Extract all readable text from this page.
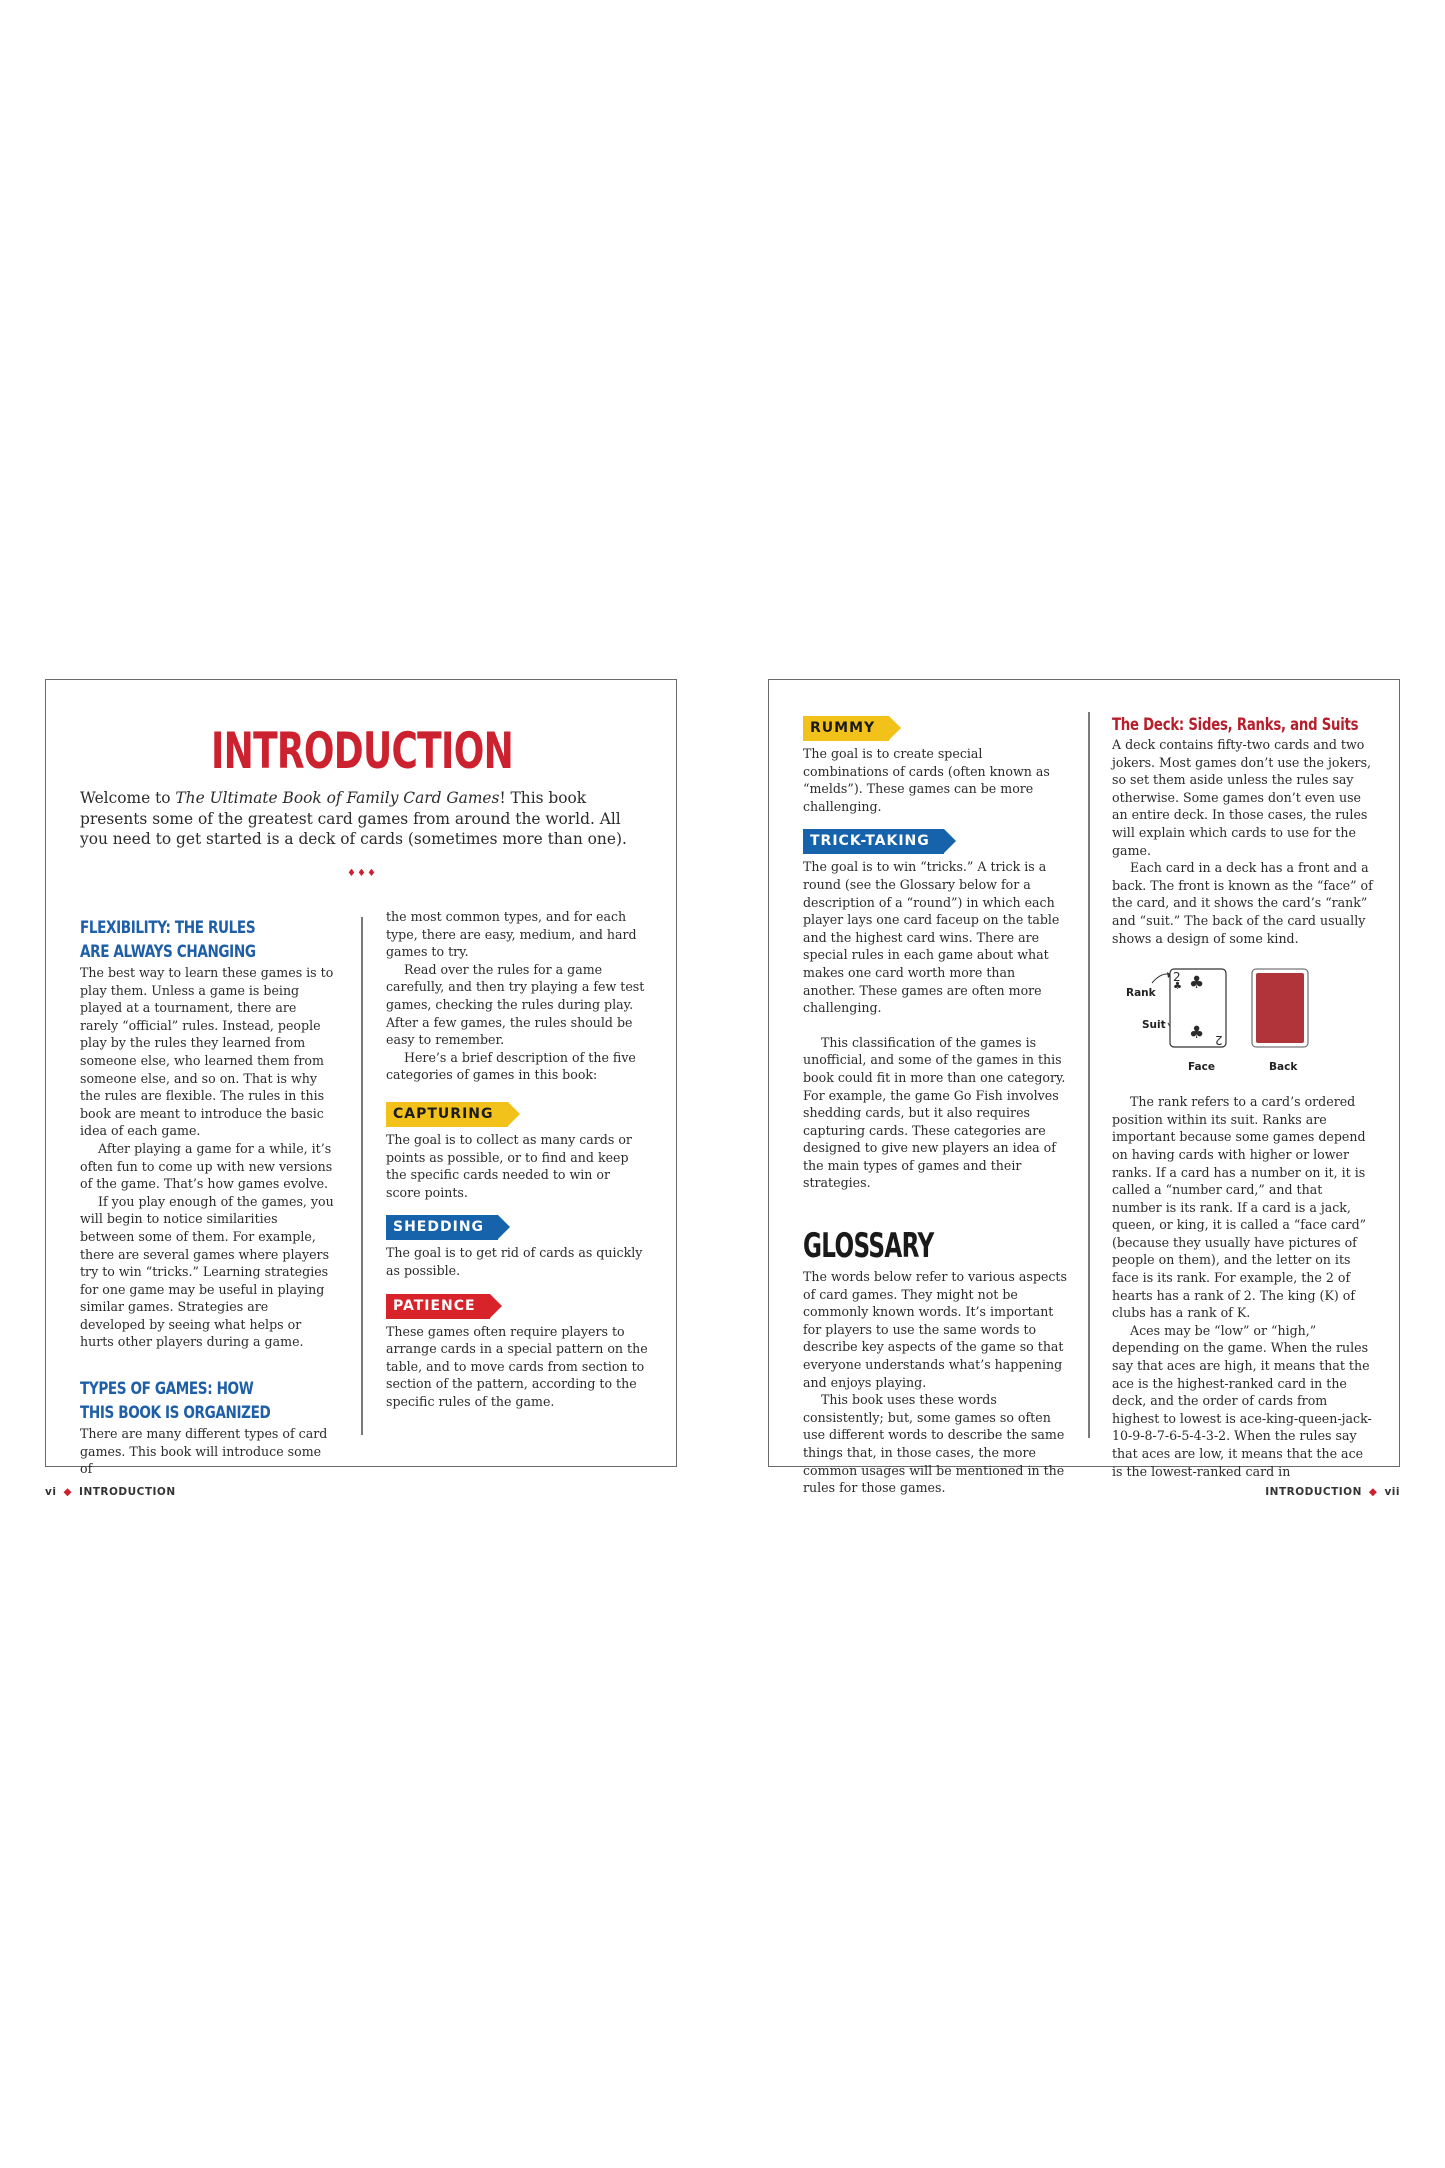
INTRODUCTION
Welcome to The Ultimate Book of Family Card Games! This book presents some of the greatest card games from around the world. All you need to get started is a deck of cards (sometimes more than one).
♦♦♦
FLEXIBILITY: THE RULES
ARE ALWAYS CHANGING

The best way to learn these games is to play them. Unless a game is being played at a tournament, there are rarely “official” rules. Instead, people play by the rules they learned from someone else, who learned them from someone else, and so on. That is why the rules are flexible. The rules in this book are meant to introduce the basic idea of each game.

After playing a game for a while, it’s often fun to come up with new versions of the game. That’s how games evolve.

If you play enough of the games, you will begin to notice similarities between some of them. For example, there are several games where players try to win “tricks.” Learning strategies for one game may be useful in playing similar games. Strategies are developed by seeing what helps or hurts other players during a game.

TYPES OF GAMES: HOW
THIS BOOK IS ORGANIZED

There are many different types of card games. This book will introduce some of

the most common types, and for each type, there are easy, medium, and hard games to try.

Read over the rules for a game carefully, and then try playing a few test games, checking the rules during play. After a few games, the rules should be easy to remember.

Here’s a brief description of the five categories of games in this book:

CAPTURING

The goal is to collect as many cards or points as possible, or to find and keep the specific cards needed to win or score points.

SHEDDING

The goal is to get rid of cards as quickly as possible.

PATIENCE

These games often require players to arrange cards in a special pattern on the table, and to move cards from section to section of the pattern, according to the specific rules of the game.

RUMMY

The goal is to create special combinations of cards (often known as “melds”). These games can be more challenging.

TRICK-TAKING

The goal is to win “tricks.” A trick is a round (see the Glossary below for a description of a “round”) in which each player lays one card faceup on the table and the highest card wins. There are special rules in each game about what makes one card worth more than another. These games are often more challenging.

This classification of the games is unofficial, and some of the games in this book could fit in more than one category. For example, the game Go Fish involves shedding cards, but it also requires capturing cards. These categories are designed to give new players an idea of the main types of games and their strategies.

GLOSSARY

The words below refer to various aspects of card games. They might not be commonly known words. It’s important for players to use the same words to describe key aspects of the game so that everyone understands what’s happening and enjoys playing.

This book uses these words consistently; but, some games so often use different words to describe the same things that, in those cases, the more common usages will be mentioned in the rules for those games.

The Deck: Sides, Ranks, and Suits

A deck contains fifty-two cards and two jokers. Most games don’t use the jokers, so set them aside unless the rules say otherwise. Some games don’t even use an entire deck. In those cases, the rules will explain which cards to use for the game.

Each card in a deck has a front and a back. The front is known as the “face” of the card, and it shows the card’s “rank” and “suit.” The back of the card usually shows a design of some kind.

Rank
Suit
2
♣ ♣
♣ 2
Face	Back

The rank refers to a card’s ordered position within its suit. Ranks are important because some games depend on having cards with higher or lower ranks. If a card has a number on it, it is called a “number card,” and that number is its rank. If a card is a jack, queen, or king, it is called a “face card” (because they usually have pictures of people on them), and the letter on its face is its rank. For example, the 2 of hearts has a rank of 2. The king (K) of clubs has a rank of K.

Aces may be “low” or “high,” depending on the game. When the rules say that aces are high, it means that the ace is the highest-ranked card in the deck, and the order of cards from highest to lowest is ace-king-queen-jack-10-9-8-7-6-5-4-3-2. When the rules say that aces are low, it means that the ace is the lowest-ranked card in

vi ◆ INTRODUCTION	INTRODUCTION ◆ vii
